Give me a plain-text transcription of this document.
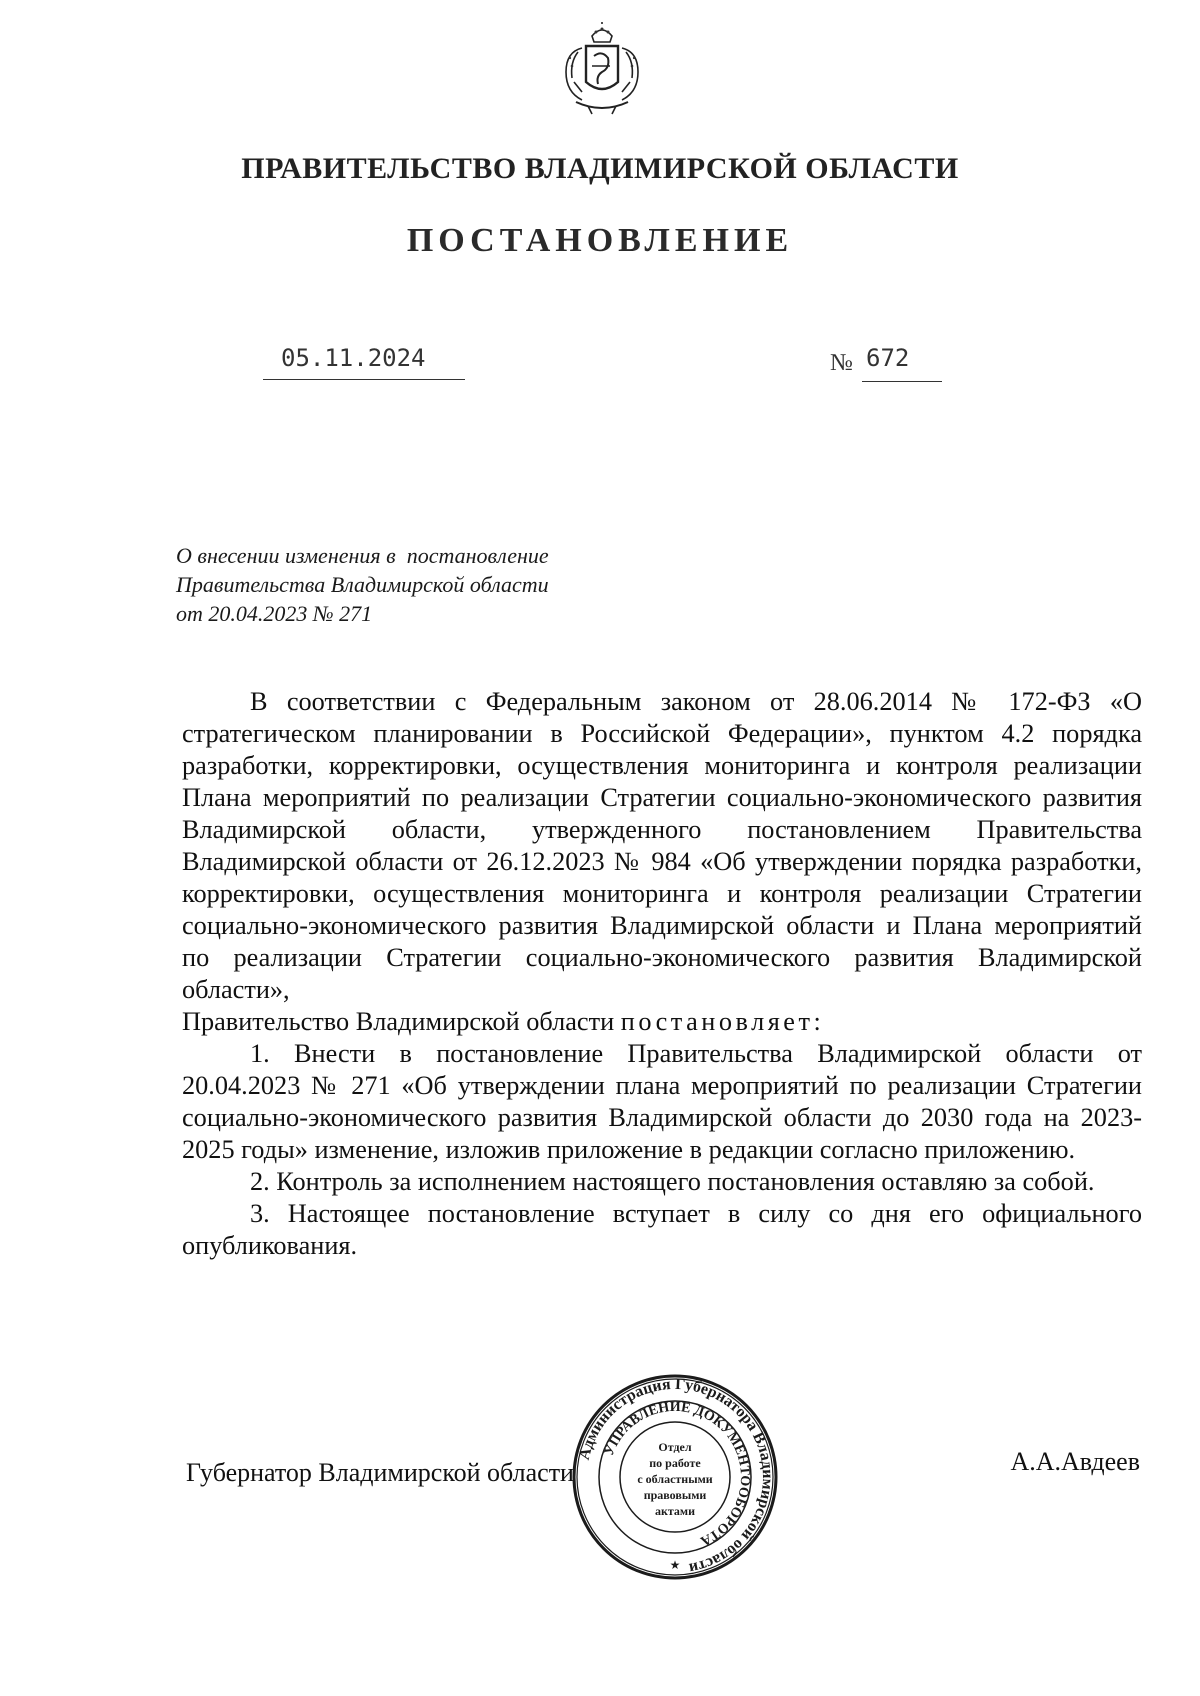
ПРАВИТЕЛЬСТВО ВЛАДИМИРСКОЙ ОБЛАСТИ
ПОСТАНОВЛЕНИЕ
05.11.2024	№ 672
О внесении изменения в  постановление
Правительства Владимирской области
от 20.04.2023 № 271

В соответствии с Федеральным законом от 28.06.2014 № 172-ФЗ «О стратегическом планировании в Российской Федерации», пунктом 4.2 порядка разработки, корректировки, осуществления мониторинга и контроля реализации Плана мероприятий по реализации Стратегии социально-экономического развития Владимирской области, утвержденного постановлением Правительства Владимирской области от 26.12.2023 № 984 «Об утверждении порядка разработки, корректировки, осуществления мониторинга и контроля реализации Стратегии социально-экономического развития Владимирской области и Плана мероприятий по реализации Стратегии социально-экономического развития Владимирской области»,

Правительство Владимирской области постановляет:

1. Внести в постановление Правительства Владимирской области от 20.04.2023 № 271 «Об утверждении плана мероприятий по реализации Стратегии социально-экономического развития Владимирской области до 2030 года на 2023-2025 годы» изменение, изложив приложение в редакции согласно приложению.

2. Контроль за исполнением настоящего постановления оставляю за собой.

3. Настоящее постановление вступает в силу со дня его официального опубликования.

Губернатор Владимирской области	А.А.Авдеев
Администрация Губернатора Владимирской области
УПРАВЛЕНИЕ ДОКУМЕНТООБОРОТА
Отдел
по работе
с областными
правовыми
актами
★
